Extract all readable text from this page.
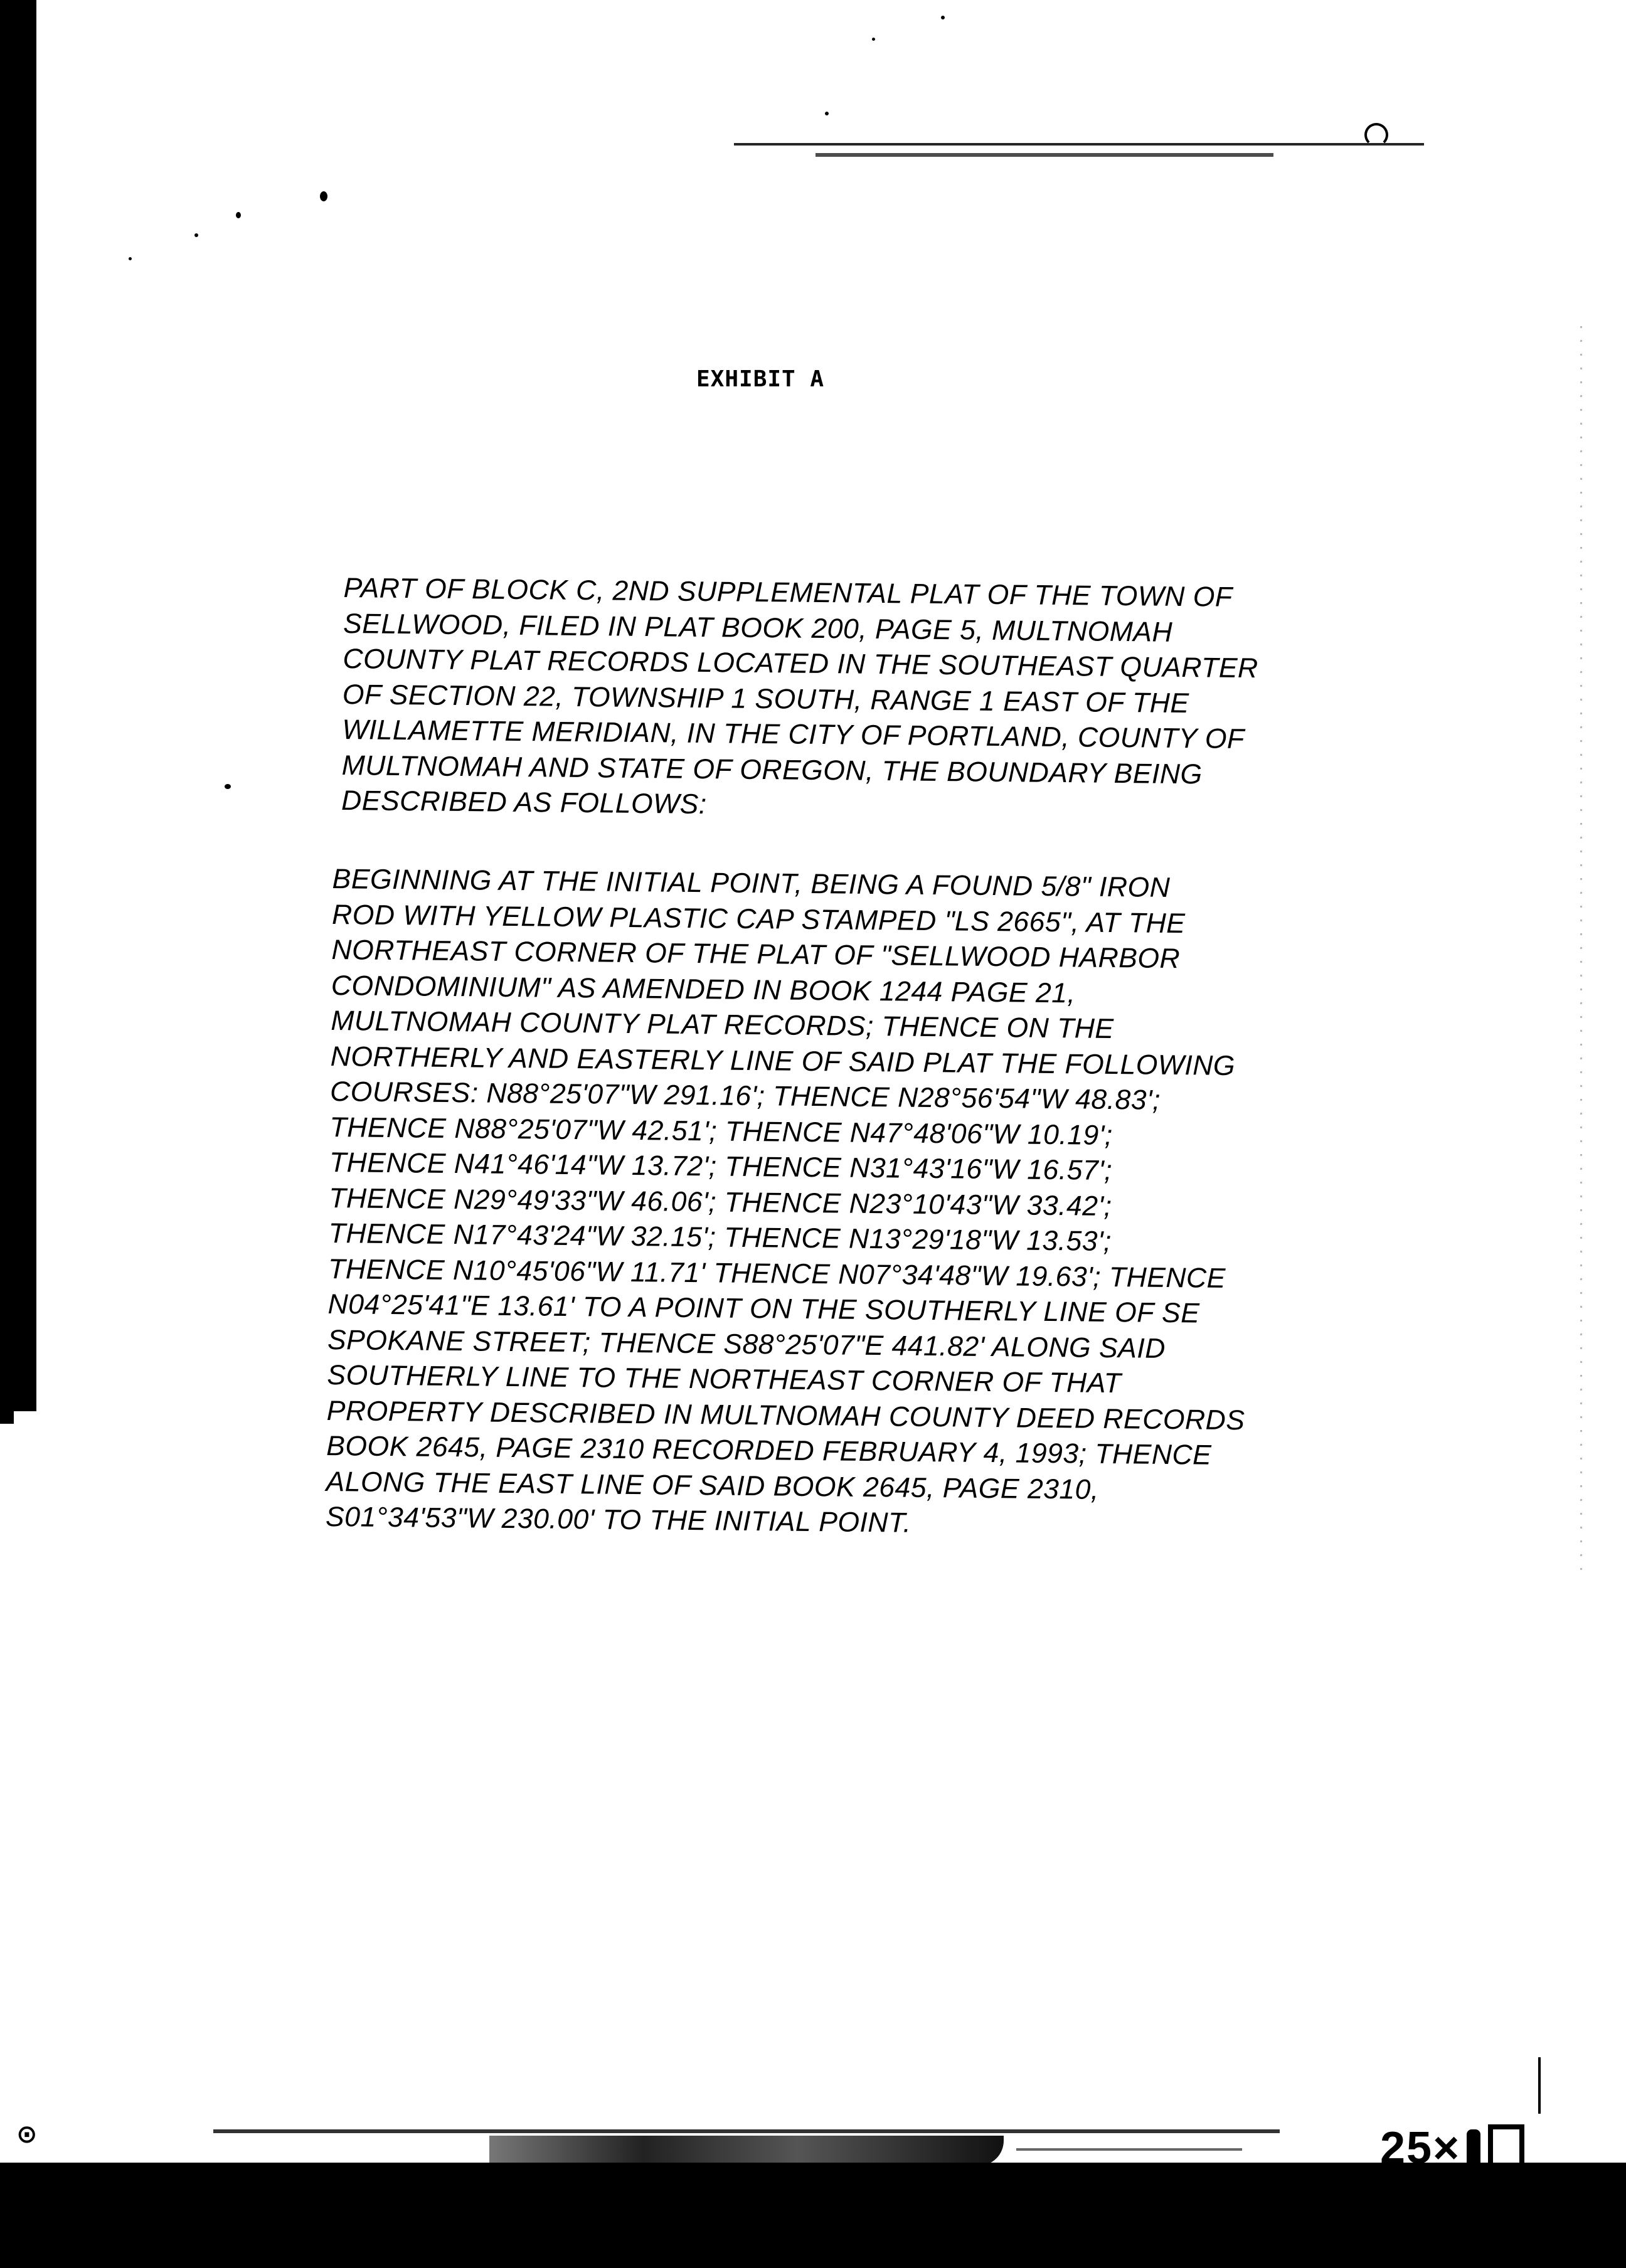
⊙
EXHIBIT A
PART OF BLOCK C, 2ND SUPPLEMENTAL PLAT OF THE TOWN OF
SELLWOOD, FILED IN PLAT BOOK 200, PAGE 5, MULTNOMAH
COUNTY PLAT RECORDS LOCATED IN THE SOUTHEAST QUARTER
OF SECTION 22, TOWNSHIP 1 SOUTH, RANGE 1 EAST OF THE
WILLAMETTE MERIDIAN, IN THE CITY OF PORTLAND, COUNTY OF
MULTNOMAH AND STATE OF OREGON, THE BOUNDARY BEING
DESCRIBED AS FOLLOWS:
BEGINNING AT THE INITIAL POINT, BEING A FOUND 5/8" IRON
ROD WITH YELLOW PLASTIC CAP STAMPED "LS 2665", AT THE
NORTHEAST CORNER OF THE PLAT OF "SELLWOOD HARBOR
CONDOMINIUM" AS AMENDED IN BOOK 1244 PAGE 21,
MULTNOMAH COUNTY PLAT RECORDS; THENCE ON THE
NORTHERLY AND EASTERLY LINE OF SAID PLAT THE FOLLOWING
COURSES: N88°25'07"W 291.16'; THENCE N28°56'54"W 48.83';
THENCE N88°25'07"W 42.51'; THENCE N47°48'06"W 10.19';
THENCE N41°46'14"W 13.72'; THENCE N31°43'16"W 16.57';
THENCE N29°49'33"W 46.06'; THENCE N23°10'43"W 33.42';
THENCE N17°43'24"W 32.15'; THENCE N13°29'18"W 13.53';
THENCE N10°45'06"W 11.71' THENCE N07°34'48"W 19.63'; THENCE
N04°25'41"E 13.61' TO A POINT ON THE SOUTHERLY LINE OF SE
SPOKANE STREET; THENCE S88°25'07"E 441.82' ALONG SAID
SOUTHERLY LINE TO THE NORTHEAST CORNER OF THAT
PROPERTY DESCRIBED IN MULTNOMAH COUNTY DEED RECORDS
BOOK 2645, PAGE 2310 RECORDED FEBRUARY 4, 1993; THENCE
ALONG THE EAST LINE OF SAID BOOK 2645, PAGE 2310,
S01°34'53"W 230.00' TO THE INITIAL POINT.
25×
